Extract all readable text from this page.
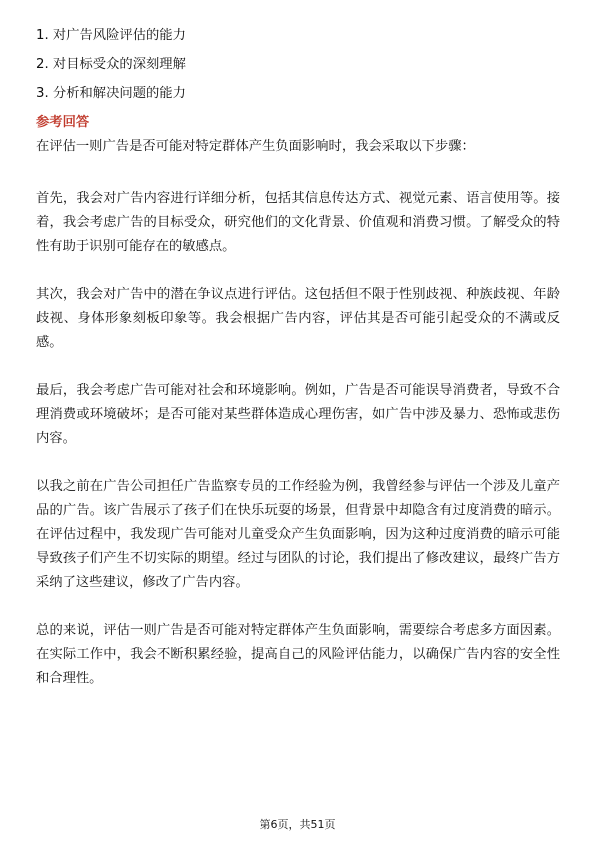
1. 对广告风险评估的能力
2. 对目标受众的深刻理解
3. 分析和解决问题的能力
参考回答

在评估一则广告是否可能对特定群体产生负面影响时，我会采取以下步骤：

首先，我会对广告内容进行详细分析，包括其信息传达方式、视觉元素、语言使用等。接着，我会考虑广告的目标受众，研究他们的文化背景、价值观和消费习惯。了解受众的特性有助于识别可能存在的敏感点。

其次，我会对广告中的潜在争议点进行评估。这包括但不限于性别歧视、种族歧视、年龄歧视、身体形象刻板印象等。我会根据广告内容，评估其是否可能引起受众的不满或反感。

最后，我会考虑广告可能对社会和环境影响。例如，广告是否可能误导消费者，导致不合理消费或环境破坏；是否可能对某些群体造成心理伤害，如广告中涉及暴力、恐怖或悲伤内容。

以我之前在广告公司担任广告监察专员的工作经验为例，我曾经参与评估一个涉及儿童产品的广告。该广告展示了孩子们在快乐玩耍的场景，但背景中却隐含有过度消费的暗示。在评估过程中，我发现广告可能对儿童受众产生负面影响，因为这种过度消费的暗示可能导致孩子们产生不切实际的期望。经过与团队的讨论，我们提出了修改建议，最终广告方采纳了这些建议，修改了广告内容。

总的来说，评估一则广告是否可能对特定群体产生负面影响，需要综合考虑多方面因素。在实际工作中，我会不断积累经验，提高自己的风险评估能力，以确保广告内容的安全性和合理性。

第6页，共51页
